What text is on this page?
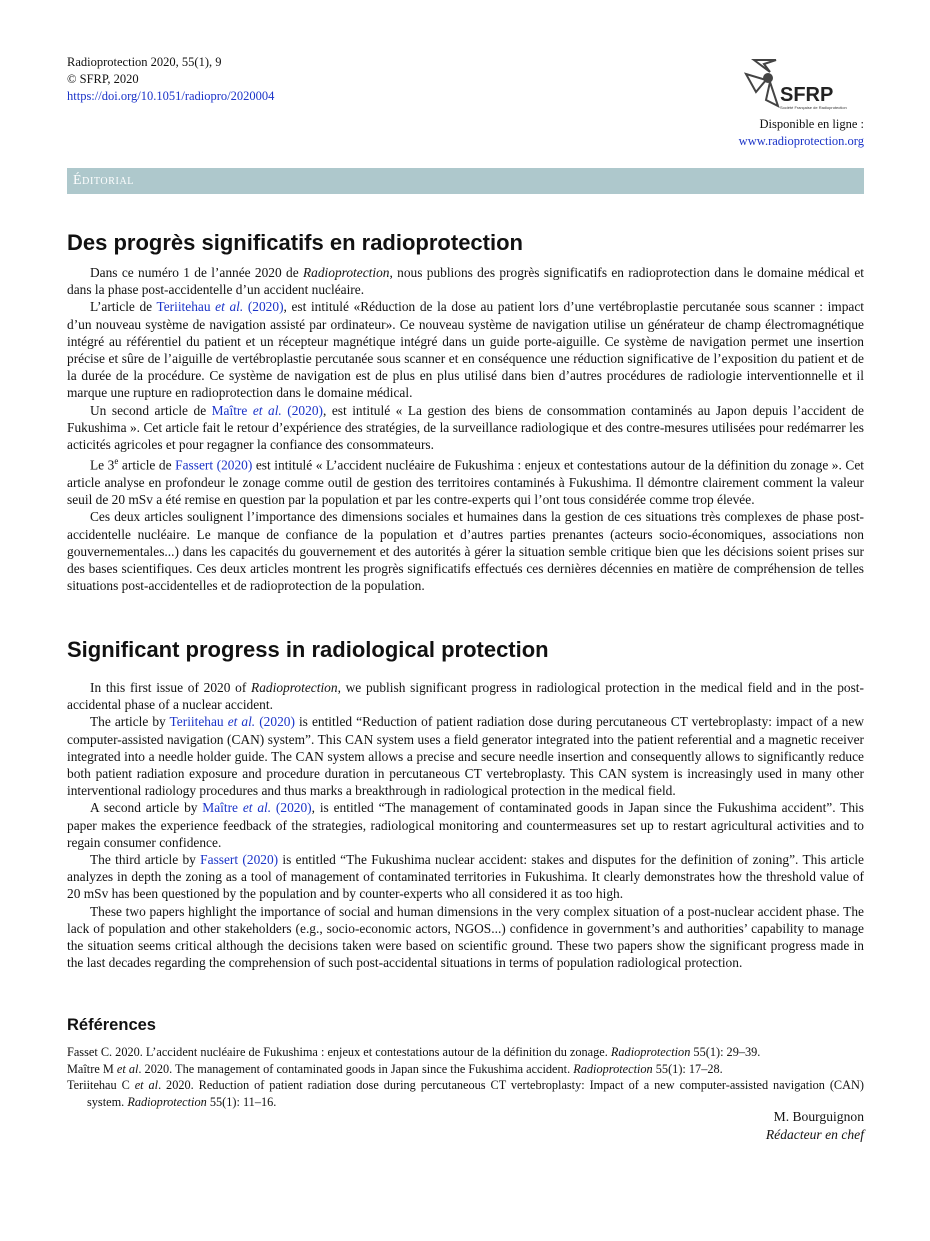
Radioprotection 2020, 55(1), 9
© SFRP, 2020
https://doi.org/10.1051/radiopro/2020004	SFRP
Société Française de Radioprotection
Disponible en ligne :
www.radioprotection.org
Éditorial
Des progrès significatifs en radioprotection

Dans ce numéro 1 de l’année 2020 de Radioprotection, nous publions des progrès significatifs en radioprotection dans le domaine médical et dans la phase post-accidentelle d’un accident nucléaire.

L’article de Teriitehau et al. (2020), est intitulé «Réduction de la dose au patient lors d’une vertébroplastie percutanée sous scanner : impact d’un nouveau système de navigation assisté par ordinateur». Ce nouveau système de navigation utilise un générateur de champ électromagnétique intégré au référentiel du patient et un récepteur magnétique intégré dans un guide porte-aiguille. Ce système de navigation permet une insertion précise et sûre de l’aiguille de vertébroplastie percutanée sous scanner et en conséquence une réduction significative de l’exposition du patient et de la durée de la procédure. Ce système de navigation est de plus en plus utilisé dans bien d’autres procédures de radiologie interventionnelle et il marque une rupture en radioprotection dans le domaine médical.

Un second article de Maître et al. (2020), est intitulé « La gestion des biens de consommation contaminés au Japon depuis l’accident de Fukushima ». Cet article fait le retour d’expérience des stratégies, de la surveillance radiologique et des contre-mesures utilisées pour redémarrer les acticités agricoles et pour regagner la confiance des consommateurs.

Le 3e article de Fassert (2020) est intitulé « L’accident nucléaire de Fukushima : enjeux et contestations autour de la définition du zonage ». Cet article analyse en profondeur le zonage comme outil de gestion des territoires contaminés à Fukushima. Il démontre clairement comment la valeur seuil de 20 mSv a été remise en question par la population et par les contre-experts qui l’ont tous considérée comme trop élevée.

Ces deux articles soulignent l’importance des dimensions sociales et humaines dans la gestion de ces situations très complexes de phase post-accidentelle nucléaire. Le manque de confiance de la population et d’autres parties prenantes (acteurs socio-économiques, associations non gouvernementales...) dans les capacités du gouvernement et des autorités à gérer la situation semble critique bien que les décisions soient prises sur des bases scientifiques. Ces deux articles montrent les progrès significatifs effectués ces dernières décennies en matière de compréhension de telles situations post-accidentelles et de radioprotection de la population.

Significant progress in radiological protection

In this first issue of 2020 of Radioprotection, we publish significant progress in radiological protection in the medical field and in the post-accidental phase of a nuclear accident.

The article by Teriitehau et al. (2020) is entitled “Reduction of patient radiation dose during percutaneous CT vertebroplasty: impact of a new computer-assisted navigation (CAN) system”. This CAN system uses a field generator integrated into the patient referential and a magnetic receiver integrated into a needle holder guide. The CAN system allows a precise and secure needle insertion and consequently allows to significantly reduce both patient radiation exposure and procedure duration in percutaneous CT vertebroplasty. This CAN system is increasingly used in many other interventional radiology procedures and thus marks a breakthrough in radiological protection in the medical field.

A second article by Maître et al. (2020), is entitled “The management of contaminated goods in Japan since the Fukushima accident”. This paper makes the experience feedback of the strategies, radiological monitoring and countermeasures set up to restart agricultural activities and to regain consumer confidence.

The third article by Fassert (2020) is entitled “The Fukushima nuclear accident: stakes and disputes for the definition of zoning”. This article analyzes in depth the zoning as a tool of management of contaminated territories in Fukushima. It clearly demonstrates how the threshold value of 20 mSv has been questioned by the population and by counter-experts who all considered it as too high.

These two papers highlight the importance of social and human dimensions in the very complex situation of a post-nuclear accident phase. The lack of population and other stakeholders (e.g., socio-economic actors, NGOS...) confidence in government’s and authorities’ capability to manage the situation seems critical although the decisions taken were based on scientific ground. These two papers show the significant progress made in the last decades regarding the comprehension of such post-accidental situations in terms of population radiological protection.

Références

Fasset C. 2020. L’accident nucléaire de Fukushima : enjeux et contestations autour de la définition du zonage. Radioprotection 55(1): 29–39.

Maître M et al. 2020. The management of contaminated goods in Japan since the Fukushima accident. Radioprotection 55(1): 17–28.

Teriitehau C et al. 2020. Reduction of patient radiation dose during percutaneous CT vertebroplasty: Impact of a new computer-assisted navigation (CAN) system. Radioprotection 55(1): 11–16.

M. Bourguignon
Rédacteur en chef
